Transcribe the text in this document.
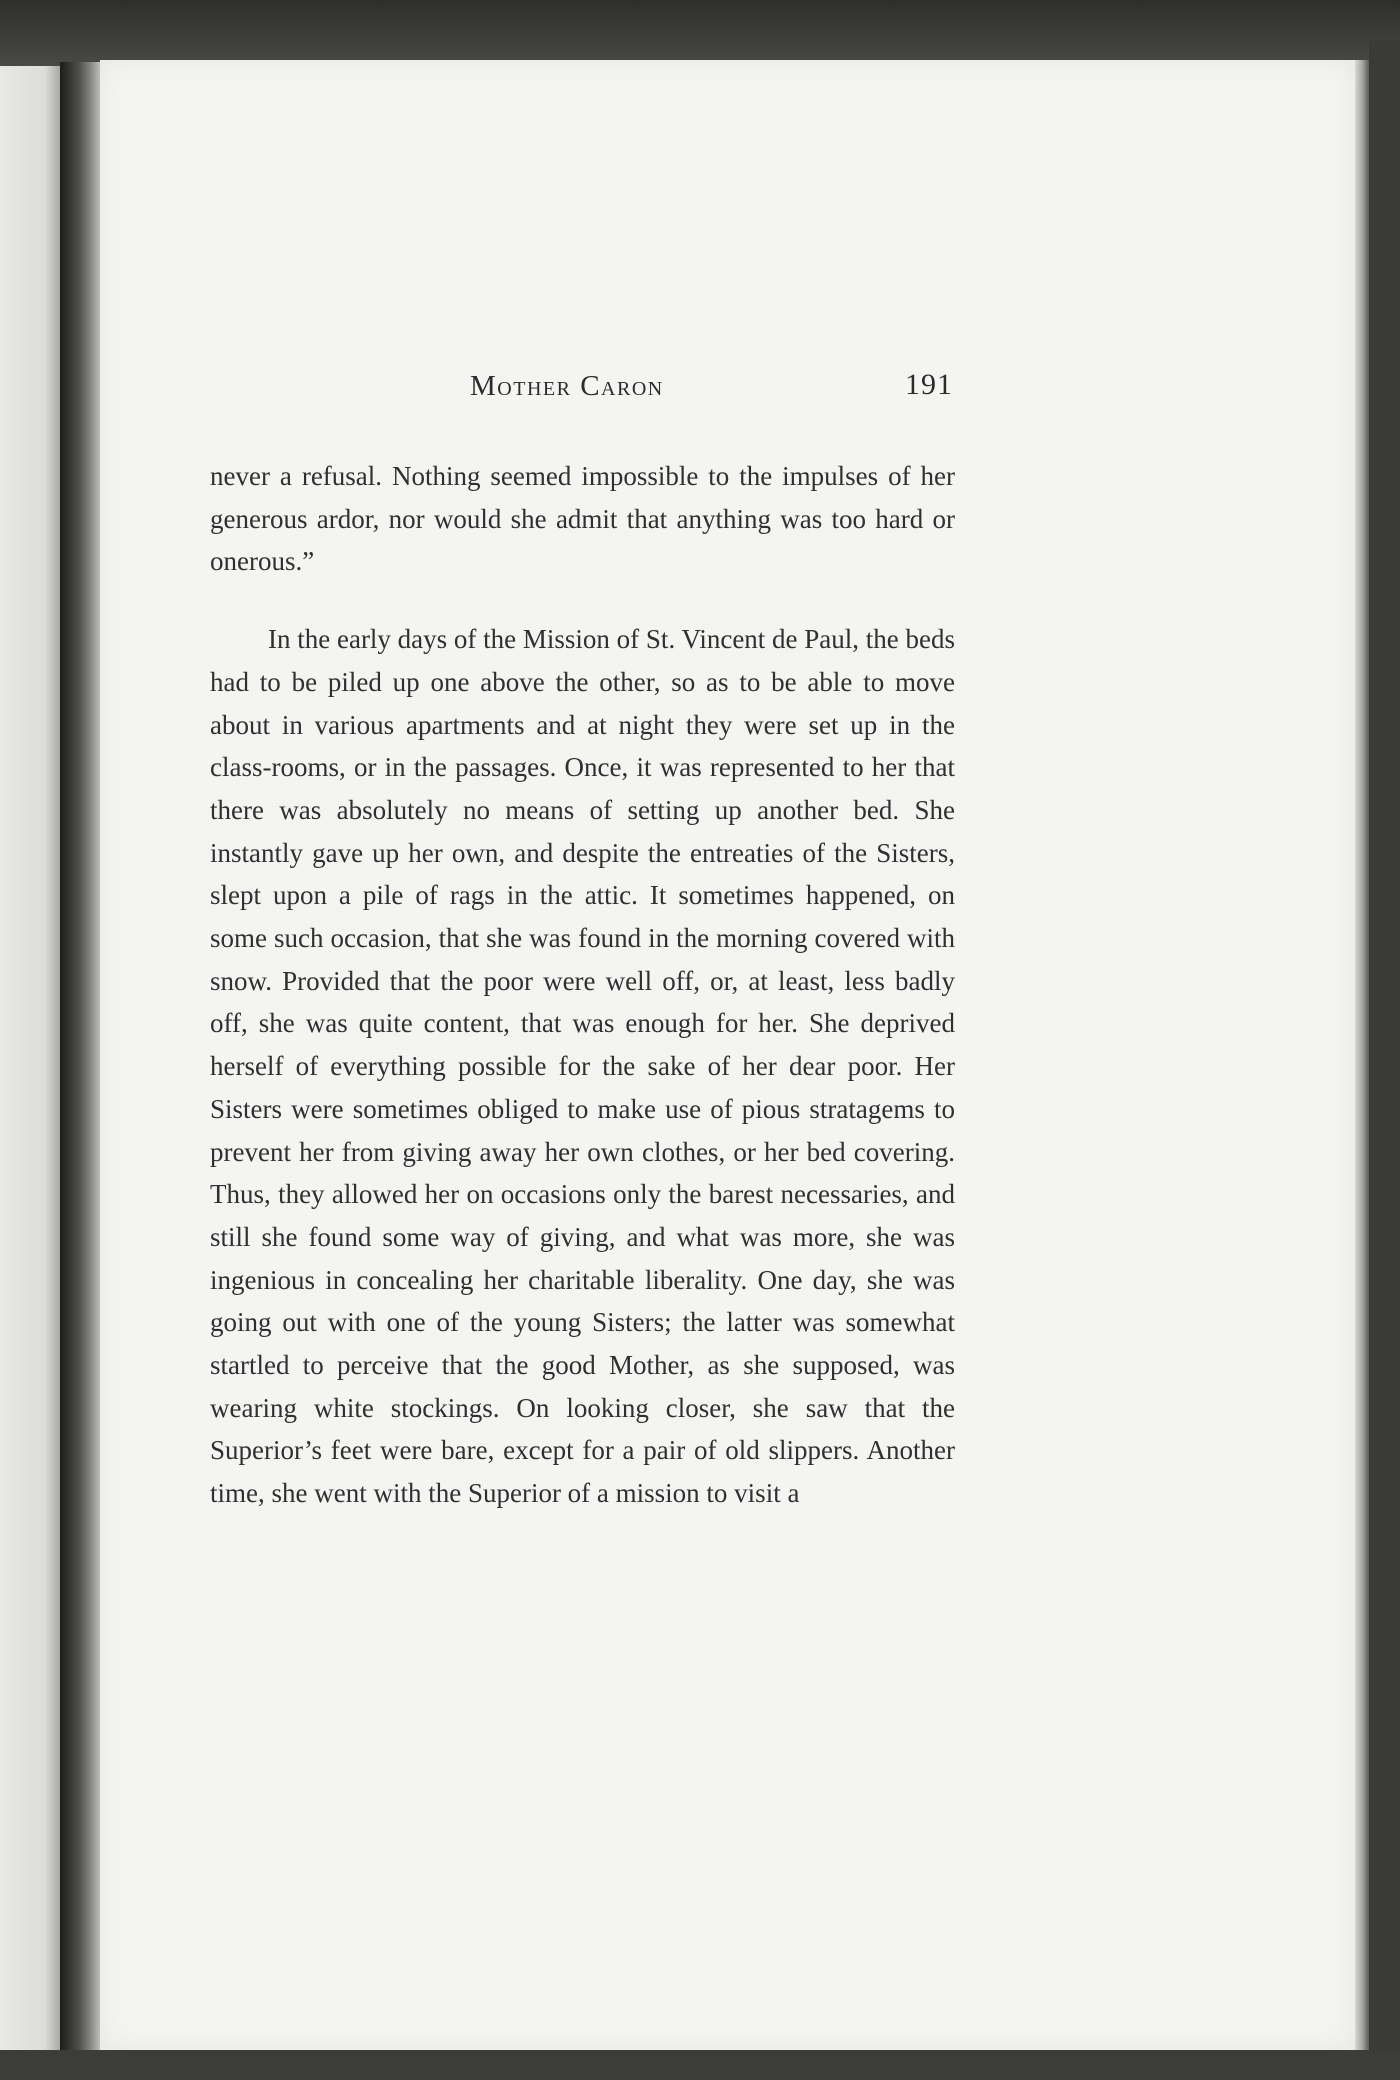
Mother Caron	191

never a refusal. Nothing seemed impossible to the impulses of her generous ardor, nor would she admit that anything was too hard or onerous.”

In the early days of the Mission of St. Vincent de Paul, the beds had to be piled up one above the other, so as to be able to move about in various apartments and at night they were set up in the class-rooms, or in the passages. Once, it was represented to her that there was absolutely no means of setting up another bed. She instantly gave up her own, and despite the entreaties of the Sisters, slept upon a pile of rags in the attic. It sometimes happened, on some such occasion, that she was found in the morning covered with snow. Provided that the poor were well off, or, at least, less badly off, she was quite content, that was enough for her. She deprived herself of everything possible for the sake of her dear poor. Her Sisters were sometimes obliged to make use of pious stratagems to prevent her from giving away her own clothes, or her bed covering. Thus, they allowed her on occasions only the barest necessaries, and still she found some way of giving, and what was more, she was ingenious in concealing her charitable liberality. One day, she was going out with one of the young Sisters; the latter was somewhat startled to perceive that the good Mother, as she supposed, was wearing white stockings. On looking closer, she saw that the Superior’s feet were bare, except for a pair of old slippers. Another time, she went with the Superior of a mission to visit a
